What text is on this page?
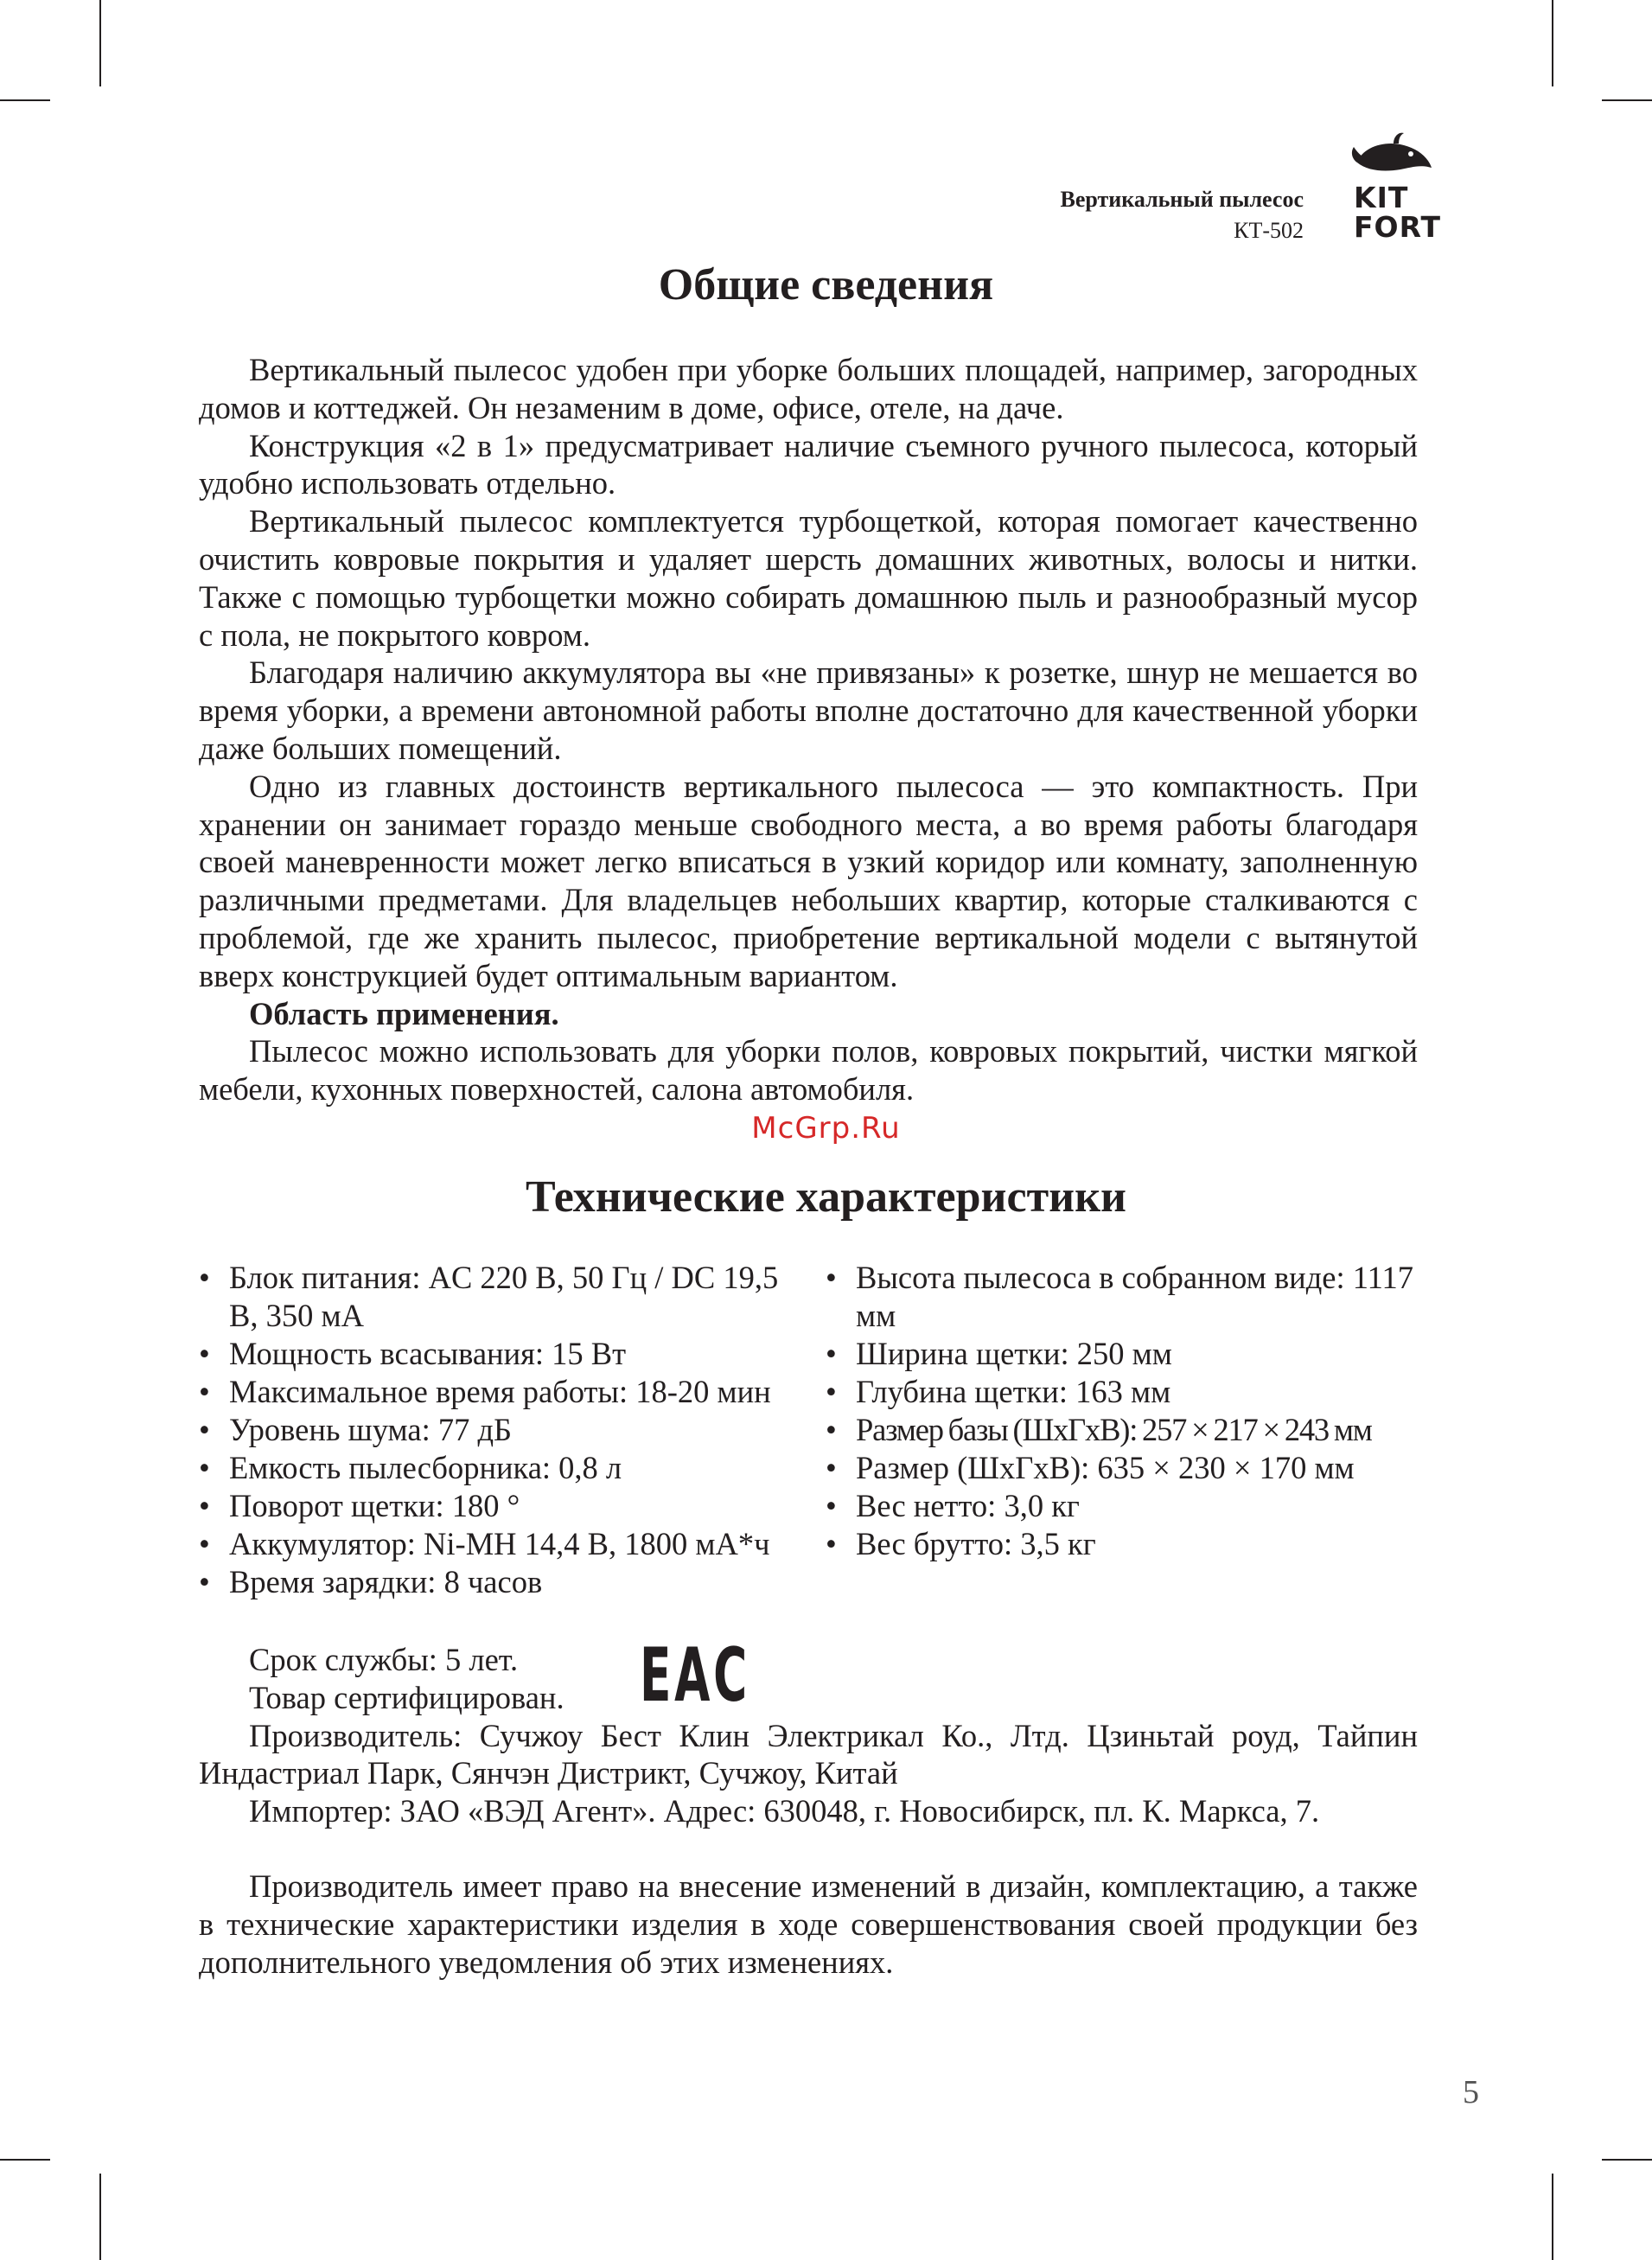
Вертикальный пылесос
КТ-502
KIT
FORT
Общие сведения

Вертикальный пылесос удобен при уборке больших площадей, например, загородных домов и коттеджей. Он незаменим в доме, офисе, отеле, на даче.

Конструкция «2 в 1» предусматривает наличие съемного ручного пылесоса, который удобно использовать отдельно.

Вертикальный пылесос комплектуется турбощеткой, которая помогает качественно очистить ковровые покрытия и удаляет шерсть домашних животных, волосы и нитки. Также с помощью турбощетки можно собирать домашнюю пыль и разнообразный мусор с пола, не покрытого ковром.

Благодаря наличию аккумулятора вы «не привязаны» к розетке, шнур не мешается во время уборки, а времени автономной работы вполне достаточно для качественной уборки даже больших помещений.

Одно из главных достоинств вертикального пылесоса — это компактность. При хранении он занимает гораздо меньше свободного места, а во время работы благодаря своей маневренности может легко вписаться в узкий коридор или комнату, заполненную различными предметами. Для владельцев небольших квартир, которые сталкиваются с проблемой, где же хранить пылесос, приобретение вертикальной модели с вытянутой вверх конструкцией будет оптимальным вариантом.

Область применения.

Пылесос можно использовать для уборки полов, ковровых покрытий, чистки мягкой мебели, кухонных поверхностей, салона автомобиля.

McGrp.Ru
Технические характеристики
• Блок питания: AC 220 В, 50 Гц / DC 19,5 В, 350 мА
• Мощность всасывания: 15 Вт
• Максимальное время работы: 18-20 мин
• Уровень шума: 77 дБ
• Емкость пылесборника: 0,8 л
• Поворот щетки: 180 °
• Аккумулятор: Ni-MH 14,4 В, 1800 мА*ч
• Время зарядки: 8 часов
• Высота пылесоса в собранном виде: 1117 мм
• Ширина щетки: 250 мм
• Глубина щетки: 163 мм
• Размер базы (ШхГхВ): 257 × 217 × 243 мм
• Размер (ШхГхВ): 635 × 230 × 170 мм
• Вес нетто: 3,0 кг
• Вес брутто: 3,5 кг

Срок службы: 5 лет.

Товар сертифицирован.

Производитель: Сучжоу Бест Клин Электрикал Ко., Лтд. Цзиньтай роуд, Тайпин Индастриал Парк, Сянчэн Дистрикт, Сучжоу, Китай

Импортер: ЗАО «ВЭД Агент». Адрес: 630048, г. Новосибирск, пл. К. Маркса, 7.

EAC

Производитель имеет право на внесение изменений в дизайн, комплектацию, а также в технические характеристики изделия в ходе совершенствования своей продукции без дополнительного уведомления об этих изменениях.

5
